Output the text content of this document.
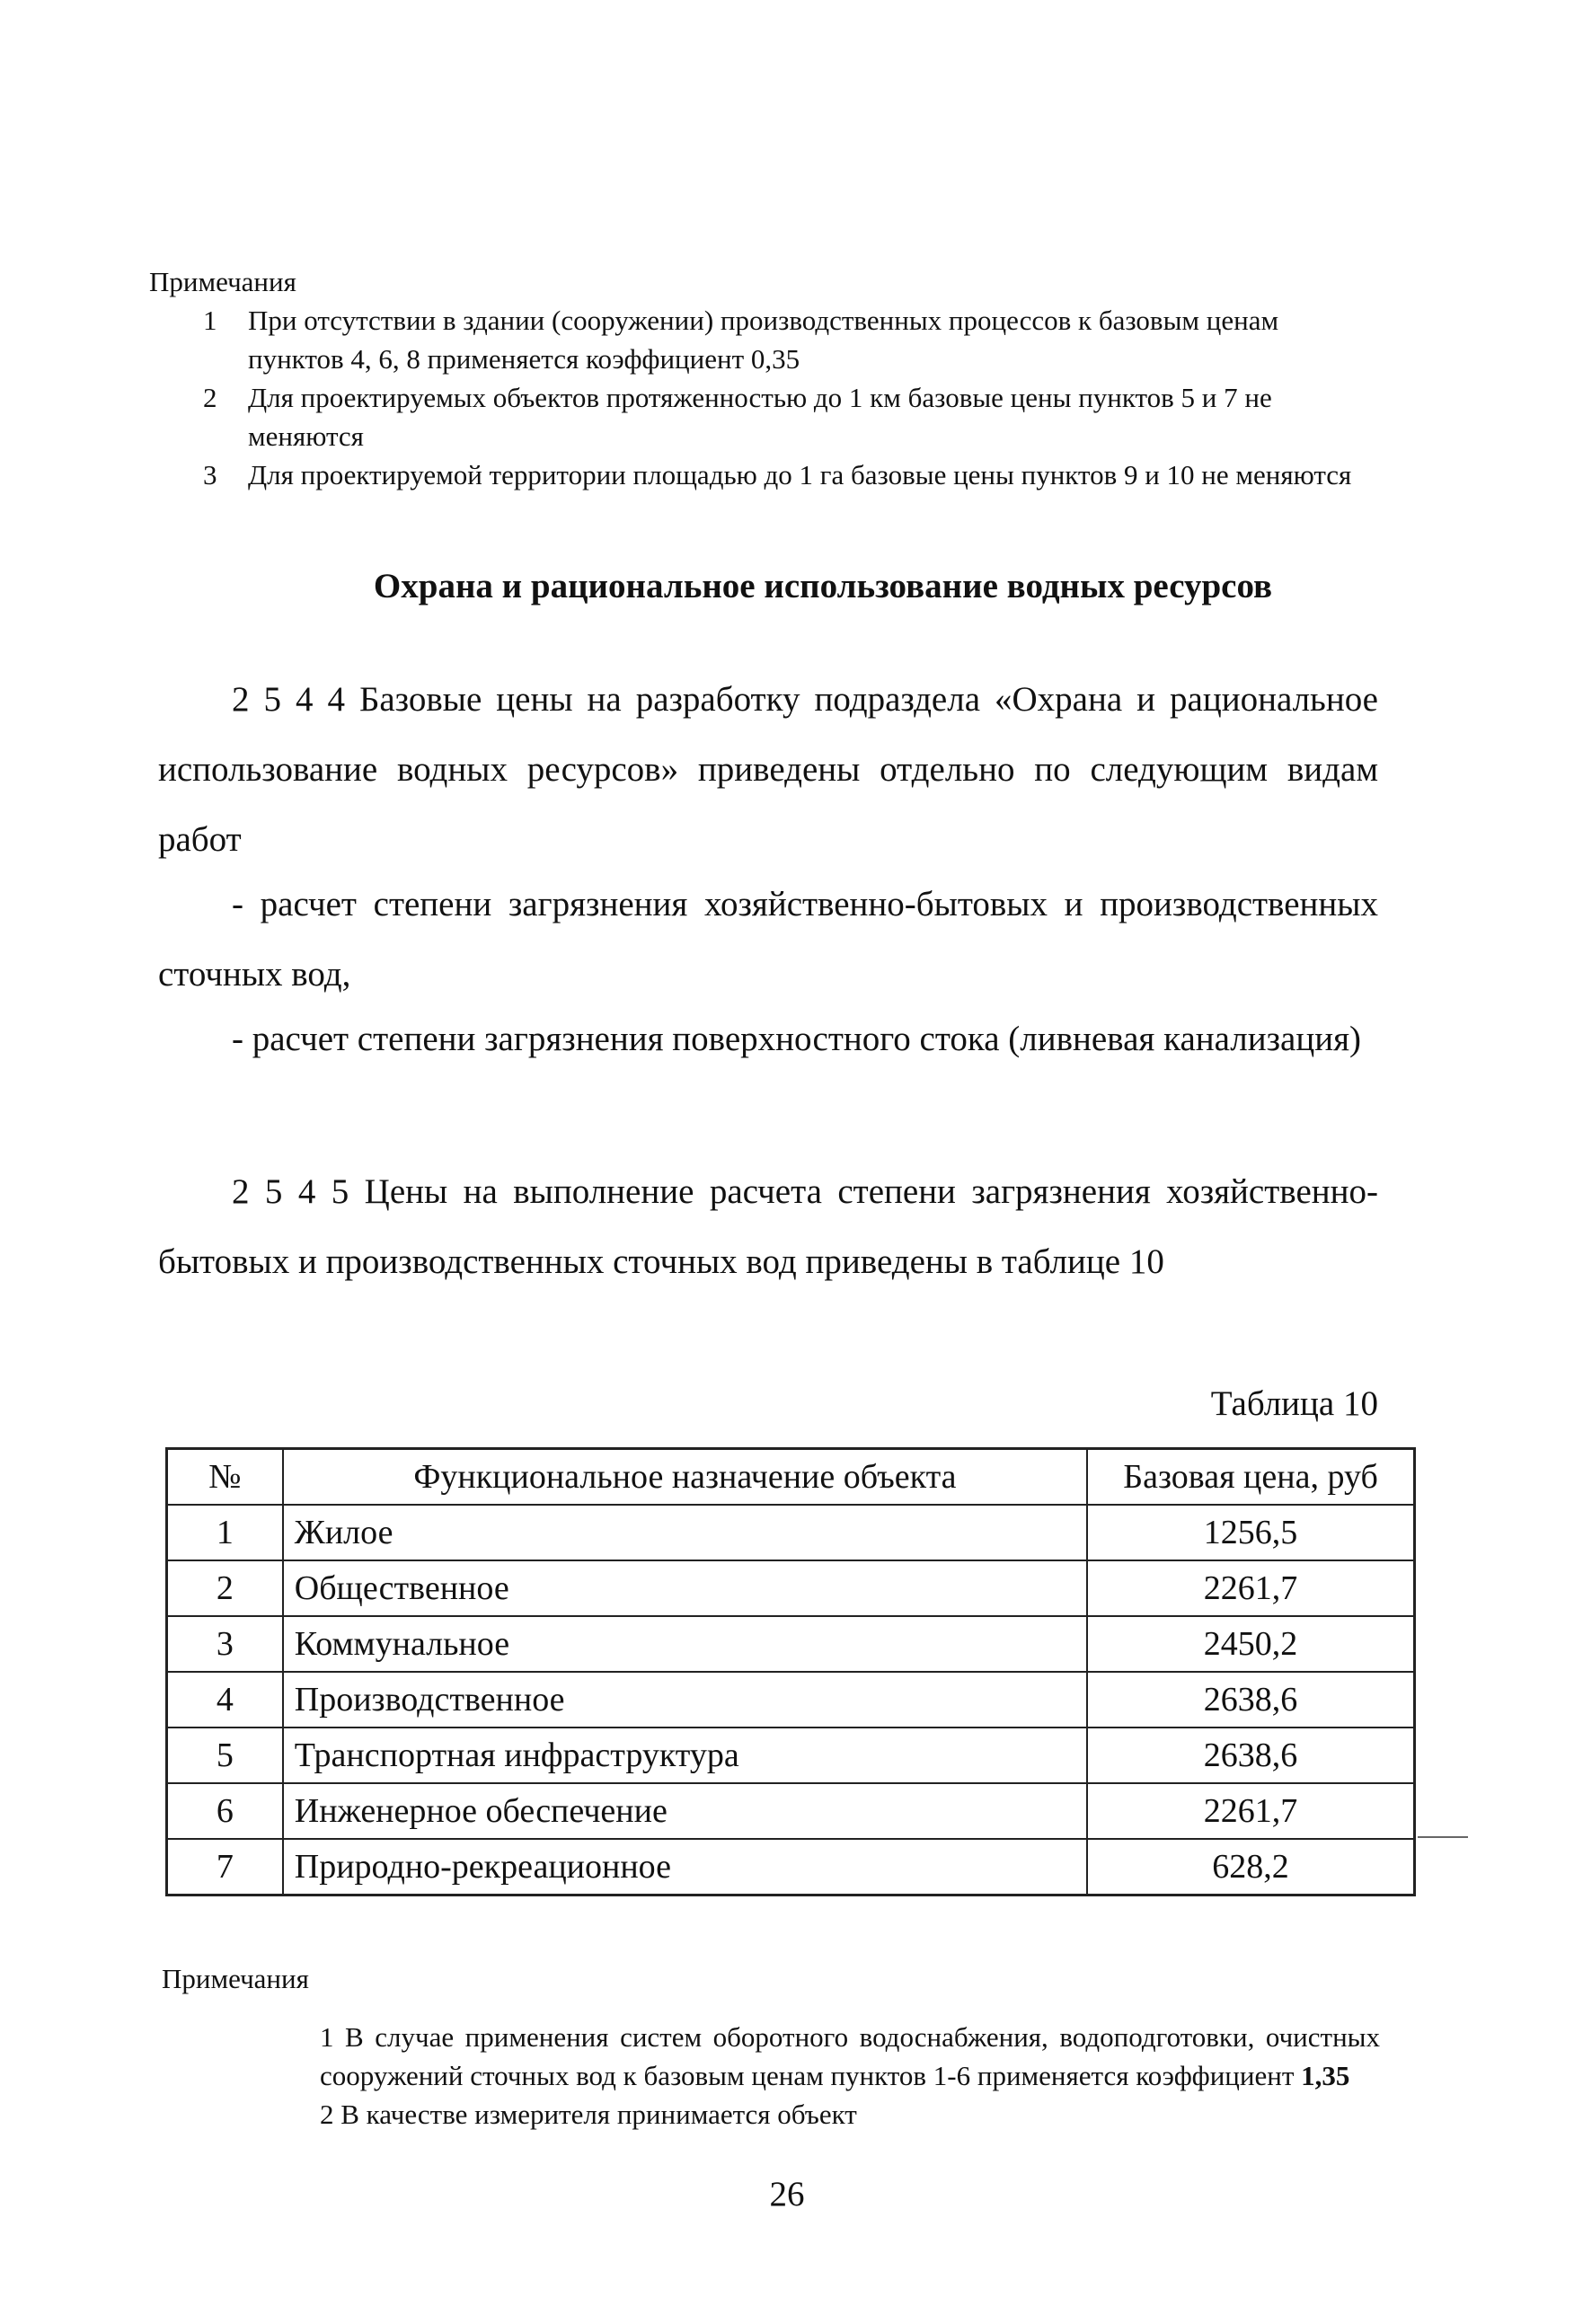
Примечания

1	При отсутствии в здании (сооружении) производственных процессов к базовым ценам пунктов 4, 6, 8 применяется коэффициент 0,35

2	Для проектируемых объектов протяженностью до 1 км базовые цены пунктов 5 и 7 не меняются

3	Для проектируемой территории площадью до 1 га базовые цены пунктов 9 и 10 не меняются

Охрана и рациональное использование водных ресурсов

2 5 4 4 Базовые цены на разработку подраздела «Охрана и рациональное использование водных ресурсов» приведены отдельно по следующим видам работ

- расчет степени загрязнения хозяйственно-бытовых и производственных сточных вод,

- расчет степени загрязнения поверхностного стока (ливневая канализация)

2 5 4 5 Цены на выполнение расчета степени загрязнения хозяйственно-бытовых и производственных сточных вод приведены в таблице 10

Таблица 10

№	Функциональное назначение объекта	Базовая цена, руб
1	Жилое	1256,5
2	Общественное	2261,7
3	Коммунальное	2450,2
4	Производственное	2638,6
5	Транспортная инфраструктура	2638,6
6	Инженерное обеспечение	2261,7
7	Природно-рекреационное	628,2

Примечания

1 В случае применения систем оборотного водоснабжения, водоподготовки, очистных сооружений сточных вод к базовым ценам пунктов 1-6 применяется коэффициент 1,35

2 В качестве измерителя принимается объект

26
